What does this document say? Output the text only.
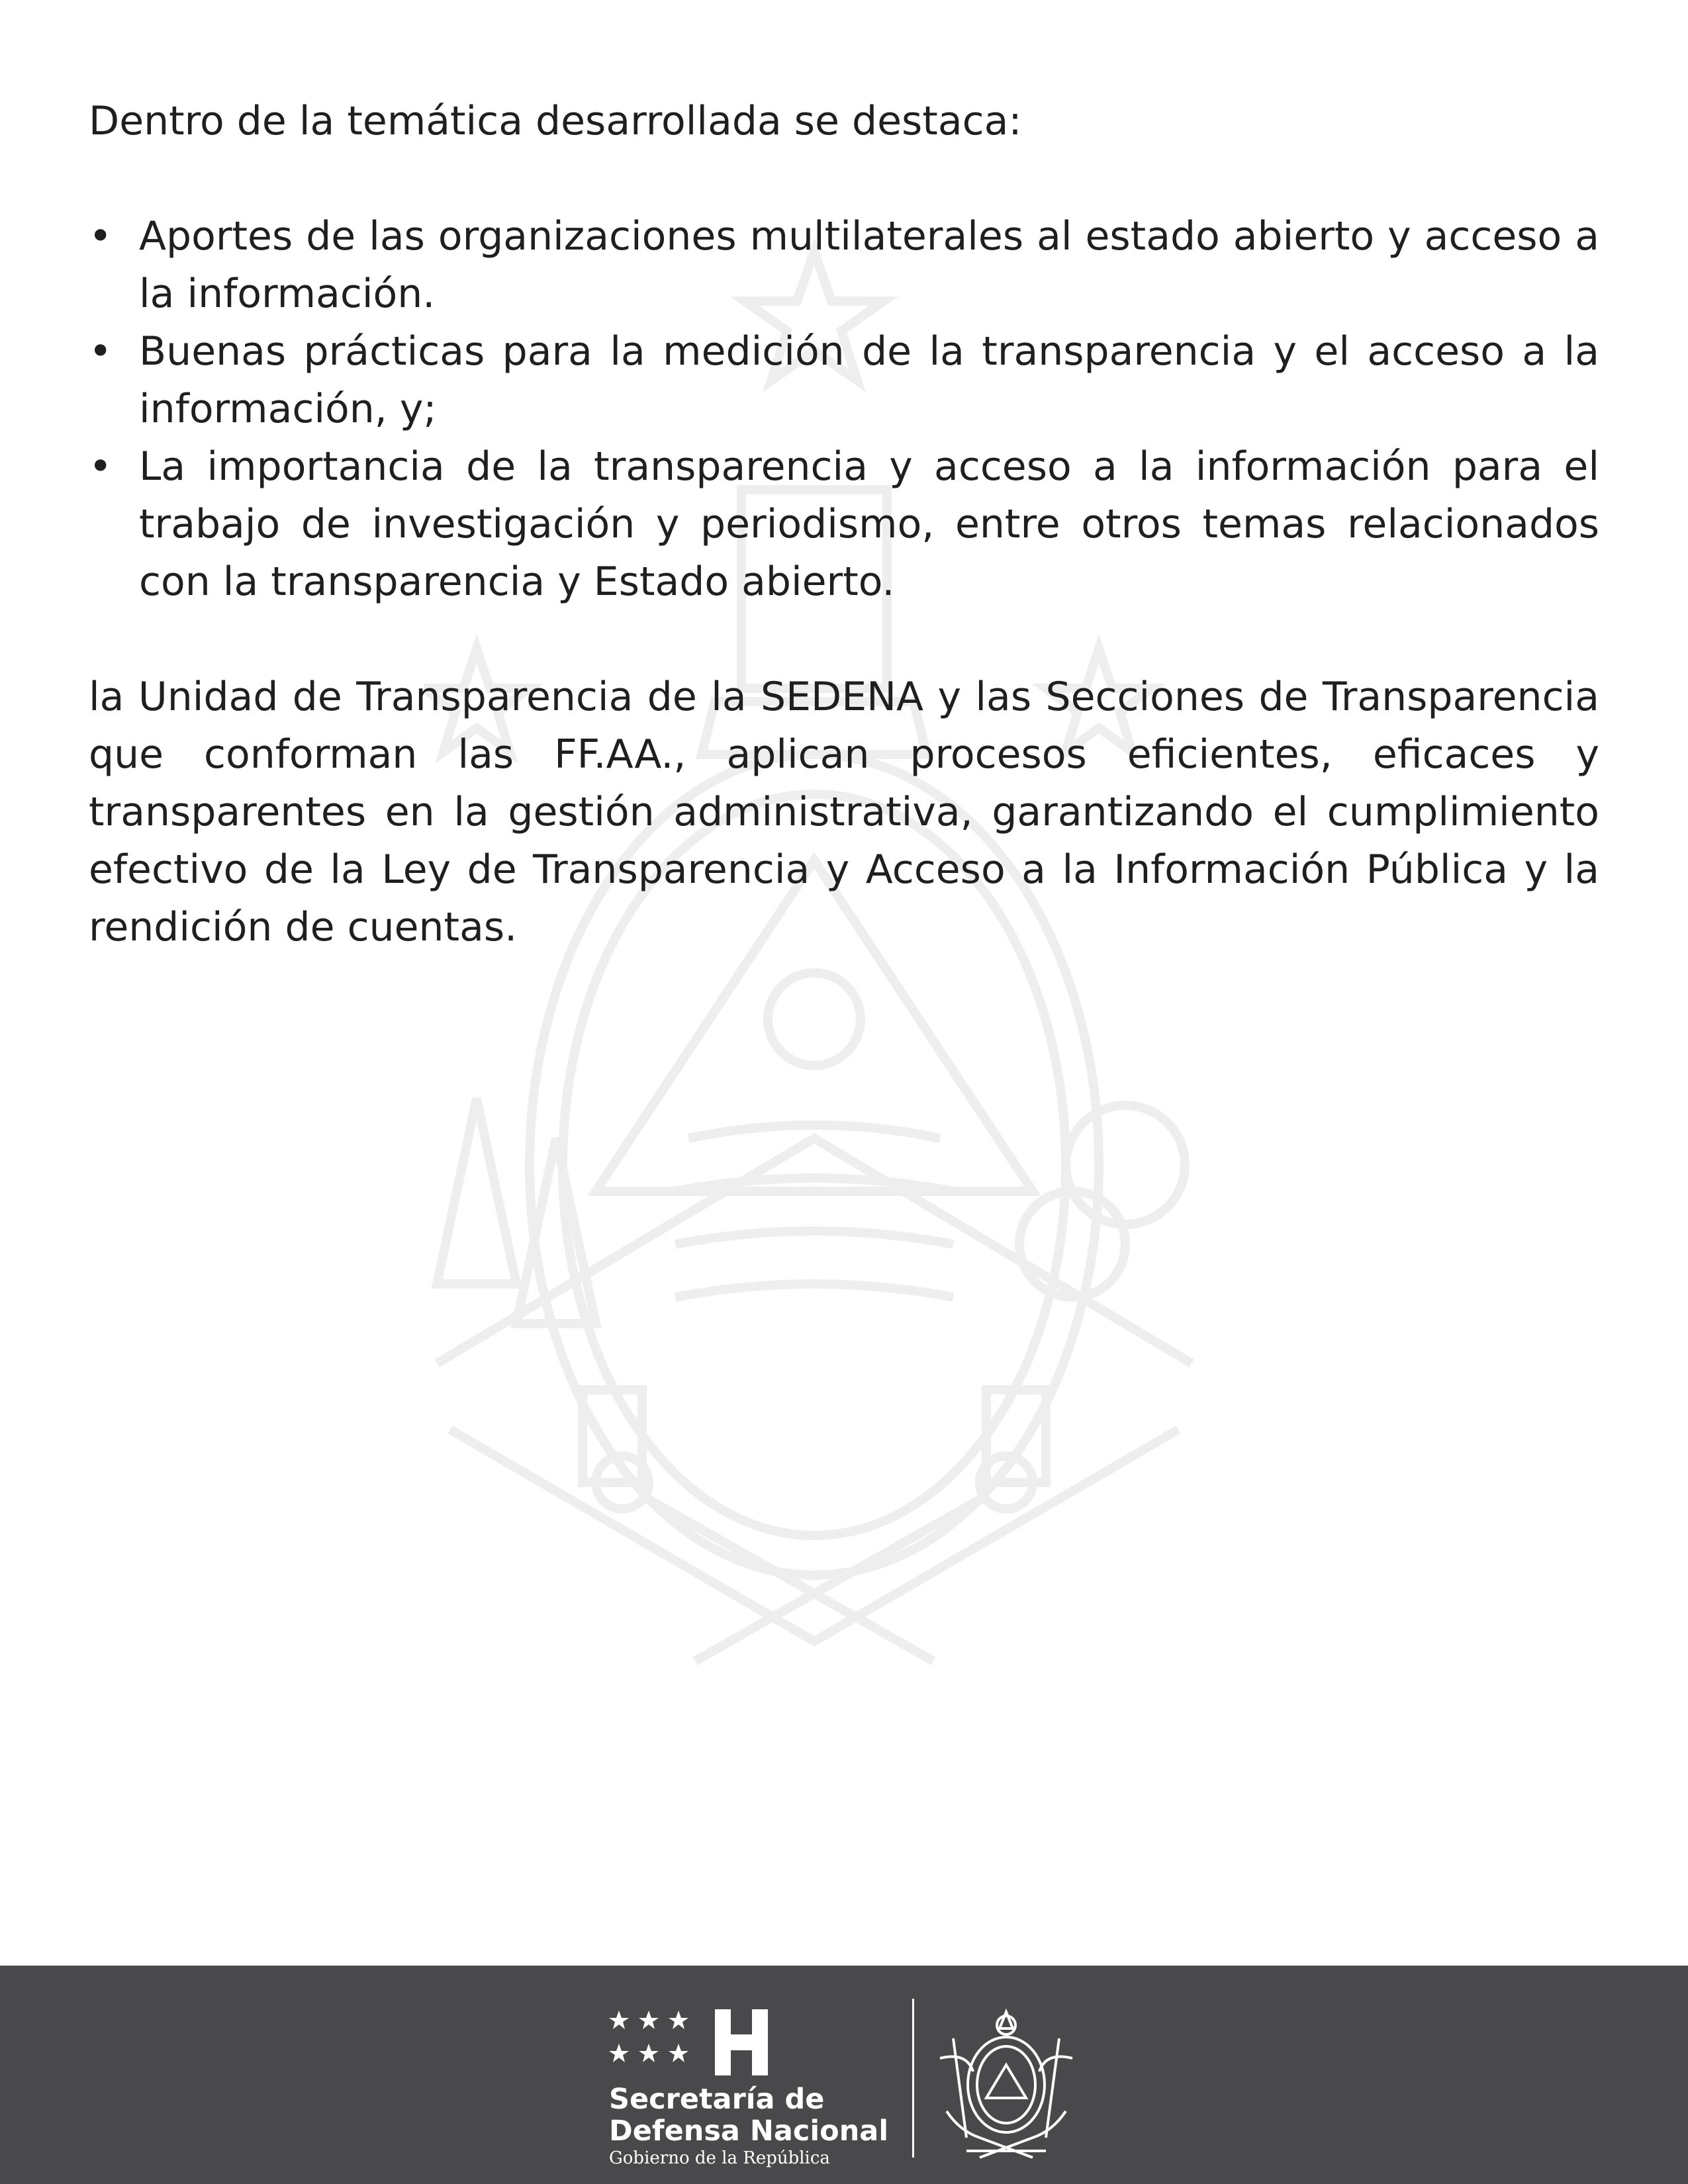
Dentro de la temática desarrollada se destaca:

• Aportes de las organizaciones multilaterales al estado abierto y acceso a la información.
• Buenas prácticas para la medición de la transparencia y el acceso a la información, y;
• La importancia de la transparencia y acceso a la información para el trabajo de investigación y periodismo, entre otros temas relacionados con la transparencia y Estado abierto.

la Unidad de Transparencia de la SEDENA y las Secciones de Transparencia que conforman las FF.AA., aplican procesos eficientes, eficaces y transparentes en la gestión administrativa, garantizando el cumplimiento efectivo de la Ley de Transparencia y Acceso a la Información Pública y la rendición de cuentas.

Secretaría de
Defensa Nacional
Gobierno de la República
